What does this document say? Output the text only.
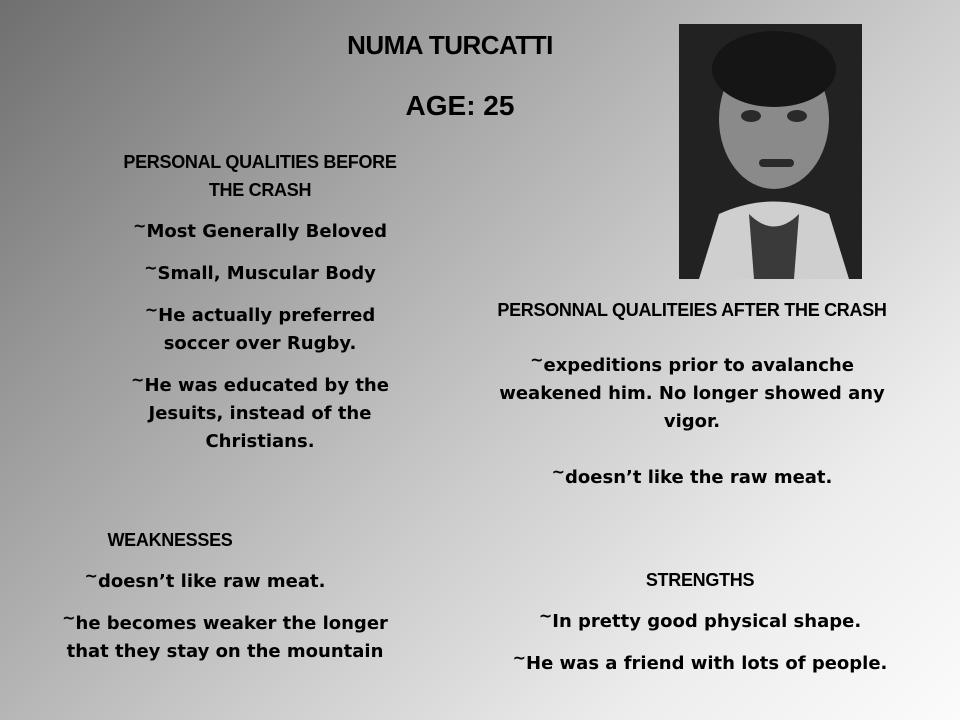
NUMA TURCATTI
AGE: 25

PERSONAL QUALITIES BEFORE THE CRASH

~Most Generally Beloved

~Small, Muscular Body

~He actually preferred soccer over Rugby.

~He was educated by the Jesuits, instead of the Christians.

WEAKNESSES

~doesn’t like raw meat.

~he becomes weaker the longer that they stay on the mountain

PERSONNAL QUALITEIES AFTER THE CRASH

~expeditions prior to avalanche weakened him. No longer showed any vigor.

~doesn’t like the raw meat.

STRENGTHS

~In pretty good physical shape.

~He was a friend with lots of people.
